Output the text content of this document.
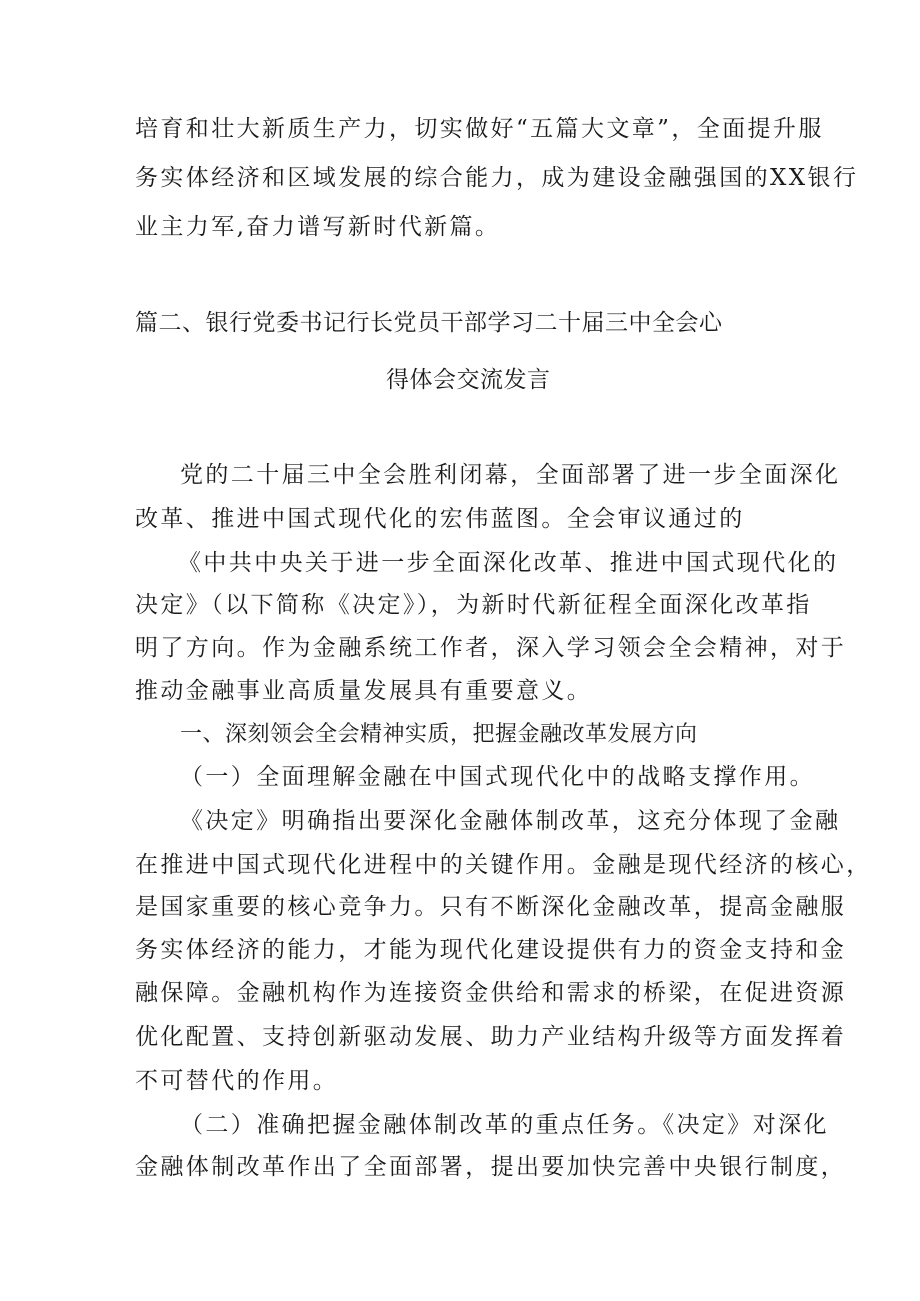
培育和壮大新质生产力，切实做好“五篇大文章”，全面提升服
务实体经济和区域发展的综合能力，成为建设金融强国的XX银行
业主力军,奋力谱写新时代新篇。
篇二、银行党委书记行长党员干部学习二十届三中全会心
得体会交流发言
党的二十届三中全会胜利闭幕，全面部署了进一步全面深化
改革、推进中国式现代化的宏伟蓝图。全会审议通过的
《中共中央关于进一步全面深化改革、推进中国式现代化的
决定》（以下简称《决定》），为新时代新征程全面深化改革指
明了方向。作为金融系统工作者，深入学习领会全会精神，对于
推动金融事业高质量发展具有重要意义。
一、深刻领会全会精神实质，把握金融改革发展方向
（一）全面理解金融在中国式现代化中的战略支撑作用。
《决定》明确指出要深化金融体制改革，这充分体现了金融
在推进中国式现代化进程中的关键作用。金融是现代经济的核心，
是国家重要的核心竞争力。只有不断深化金融改革，提高金融服
务实体经济的能力，才能为现代化建设提供有力的资金支持和金
融保障。金融机构作为连接资金供给和需求的桥梁，在促进资源
优化配置、支持创新驱动发展、助力产业结构升级等方面发挥着
不可替代的作用。
（二）准确把握金融体制改革的重点任务。《决定》对深化
金融体制改革作出了全面部署，提出要加快完善中央银行制度，
